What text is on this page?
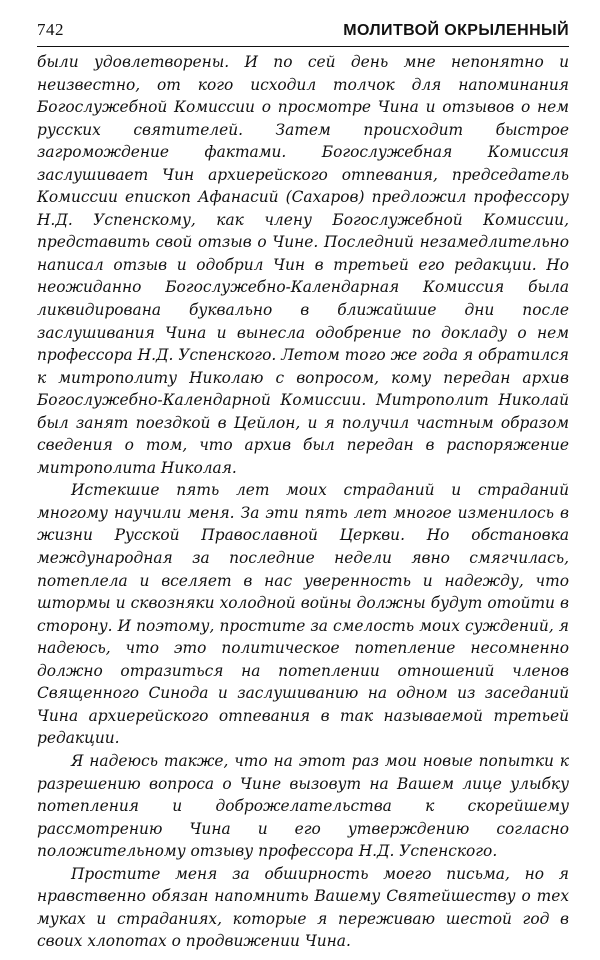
742	МОЛИТВОЙ ОКРЫЛЕННЫЙ

были удовлетворены. И по сей день мне непонятно и неизвестно, от кого исходил толчок для напоминания Богослужебной Комиссии о просмотре Чина и отзывов о нем русских святителей. Затем происходит быстрое загромождение фактами. Богослужебная Комиссия заслушивает Чин архиерейского отпевания, председатель Комиссии епископ Афанасий (Сахаров) предложил профессору Н.Д. Успенскому, как члену Богослужебной Комиссии, представить свой отзыв о Чине. Последний незамедлительно написал отзыв и одобрил Чин в третьей его редакции. Но неожиданно Богослужебно-Календарная Комиссия была ликвидирована буквально в ближайшие дни после заслушивания Чина и вынесла одобрение по докладу о нем профессора Н.Д. Успенского. Летом того же года я обратился к митрополиту Николаю с вопросом, кому передан архив Богослужебно-Календарной Комиссии. Митрополит Николай был занят поездкой в Цейлон, и я получил частным образом сведения о том, что архив был передан в распоряжение митрополита Николая.

Истекшие пять лет моих страданий и страданий многому научили меня. За эти пять лет многое изменилось в жизни Русской Православной Церкви. Но обстановка международная за последние недели явно смягчилась, потеплела и вселяет в нас уверенность и надежду, что штормы и сквозняки холодной войны должны будут отойти в сторону. И поэтому, простите за смелость моих суждений, я надеюсь, что это политическое потепление несомненно должно отразиться на потеплении отношений членов Священного Синода и заслушиванию на одном из заседаний Чина архиерейского отпевания в так называемой третьей редакции.

Я надеюсь также, что на этот раз мои новые попытки к разрешению вопроса о Чине вызовут на Вашем лице улыбку потепления и доброжелательства к скорейшему рассмотрению Чина и его утверждению согласно положительному отзыву профессора Н.Д. Успенского.

Простите меня за обширность моего письма, но я нравственно обязан напомнить Вашему Святейшеству о тех муках и страданиях, которые я переживаю шестой год в своих хлопотах о продвижении Чина.
